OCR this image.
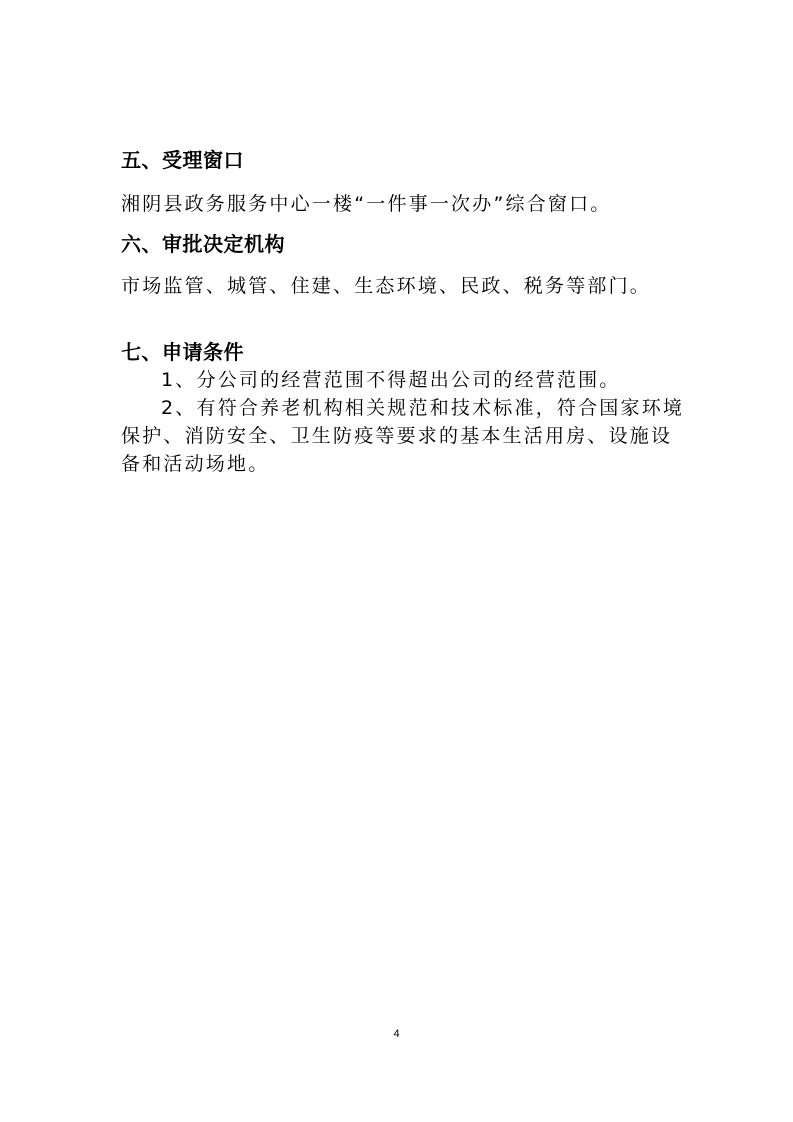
五、受理窗口
湘阴县政务服务中心一楼“一件事一次办”综合窗口。
六、审批决定机构
市场监管、城管、住建、生态环境、民政、税务等部门。
七、申请条件
1、分公司的经营范围不得超出公司的经营范围。
2、有符合养老机构相关规范和技术标准，符合国家环境
保护、消防安全、卫生防疫等要求的基本生活用房、设施设
备和活动场地。
4
